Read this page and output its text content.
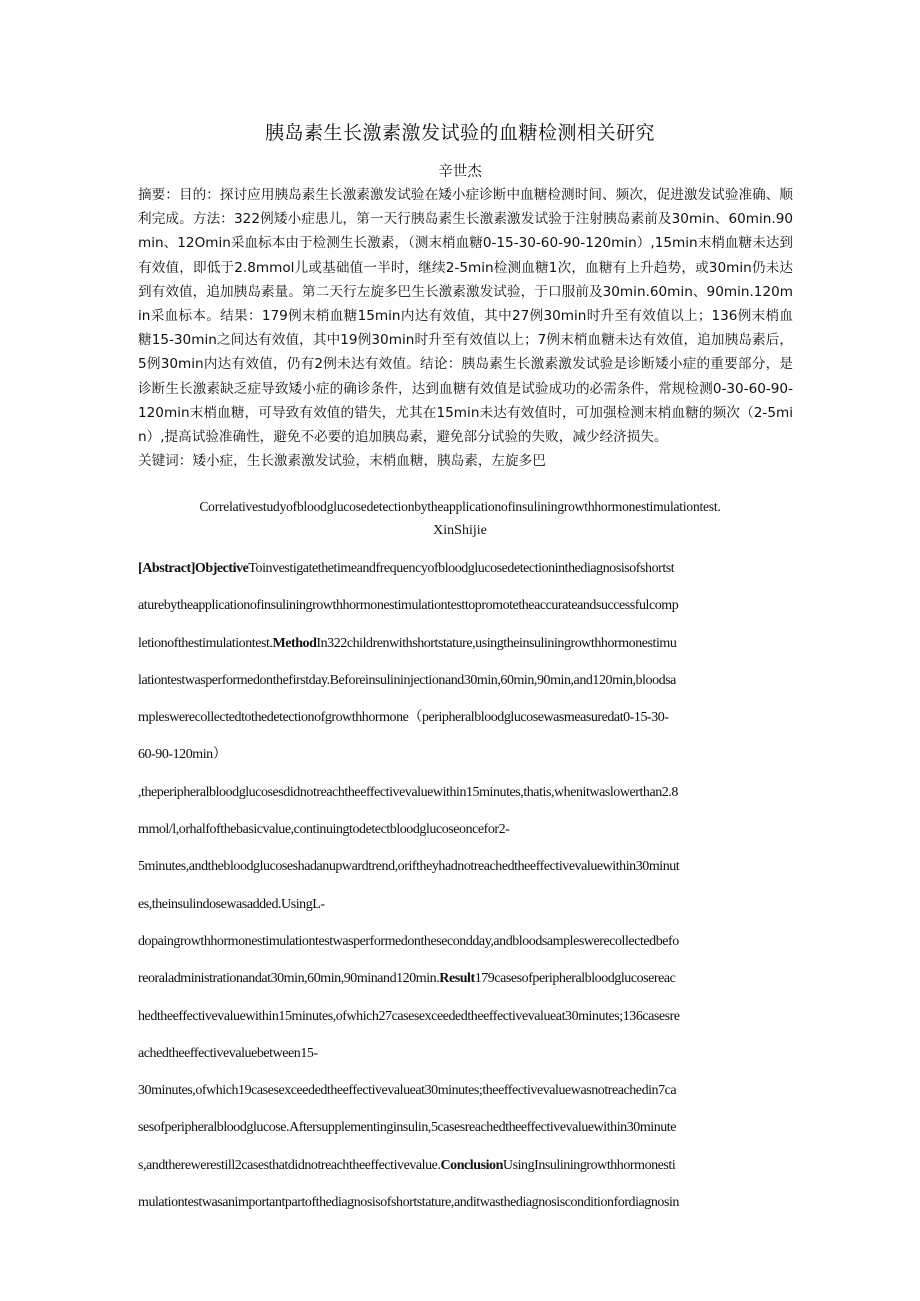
胰岛素生长激素激发试验的血糖检测相关研究
辛世杰

摘要：目的：探讨应用胰岛素生长激素激发试验在矮小症诊断中血糖检测时间、频次，促进激发试验准确、顺利完成。方法：322例矮小症患儿，第一天行胰岛素生长激素激发试验于注射胰岛素前及30min、60min.90min、12Omin采血标本由于检测生长激素，（测末梢血糖0-15-30-60-90-120min）,15min末梢血糖未达到有效值，即低于2.8mmol儿或基础值一半时，继续2-5min检测血糖1次，血糖有上升趋势，或30min仍未达到有效值，追加胰岛素量。第二天行左旋多巴生长激素激发试验，于口服前及30min.60min、90min.120min采血标本。结果：179例末梢血糖15min内达有效值，其中27例30min时升至有效值以上；136例末梢血糖15-30min之间达有效值，其中19例30min时升至有效值以上；7例末梢血糖未达有效值，追加胰岛素后，5例30min内达有效值，仍有2例未达有效值。结论：胰岛素生长激素激发试验是诊断矮小症的重要部分，是诊断生长激素缺乏症导致矮小症的确诊条件，达到血糖有效值是试验成功的必需条件，常规检测0-30-60-90-120min末梢血糖，可导致有效值的错失，尤其在15min未达有效值时，可加强检测末梢血糖的频次（2-5min）,提高试验准确性，避免不必要的追加胰岛素，避免部分试验的失败，减少经济损失。

关键词：矮小症，生长激素激发试验，末梢血糖，胰岛素，左旋多巴

Correlativestudyofbloodglucosedetectionbytheapplicationofinsuliningrowthhormonestimulationtest.
XinShijie
[Abstract]ObjectiveToinvestigatethetimeandfrequencyofbloodglucosedetectioninthediagnosisofshortst
aturebytheapplicationofinsuliningrowthhormonestimulationtesttopromotetheaccurateandsuccessfulcomp
letionofthestimulationtest.MethodIn322childrenwithshortstature,usingtheinsuliningrowthhormonestimu
lationtestwasperformedonthefirstday.Beforeinsulininjectionand30min,60min,90min,and120min,bloodsa
mpleswerecollectedtothedetectionofgrowthhormone（peripheralbloodglucosewasmeasuredat0-15-30-
60-90-120min）
,theperipheralbloodglucosesdidnotreachtheeffectivevaluewithin15minutes,thatis,whenitwaslowerthan2.8
mmol/l,orhalfofthebasicvalue,continuingtodetectbloodglucoseoncefor2-
5minutes,andthebloodglucoseshadanupwardtrend,oriftheyhadnotreachedtheeffectivevaluewithin30minut
es,theinsulindosewasadded.UsingL-
dopaingrowthhormonestimulationtestwasperformedonthesecondday,andbloodsampleswerecollectedbefo
reoraladministrationandat30min,60min,90minand120min.Result179casesofperipheralbloodglucosereac
hedtheeffectivevaluewithin15minutes,ofwhich27casesexceededtheeffectivevalueat30minutes;136casesre
achedtheeffectivevaluebetween15-
30minutes,ofwhich19casesexceededtheeffectivevalueat30minutes;theeffectivevaluewasnotreachedin7ca
sesofperipheralbloodglucose.Aftersupplementinginsulin,5casesreachedtheeffectivevaluewithin30minute
s,andthereweresti​ll2casesthatdidnotreachtheeffectivevalue.ConclusionUsingInsuliningrowthhormonesti
mulationtestwasanimportantpartofthediagnosisofshortstature,anditwasthediagnosisconditionfordiagnosin
